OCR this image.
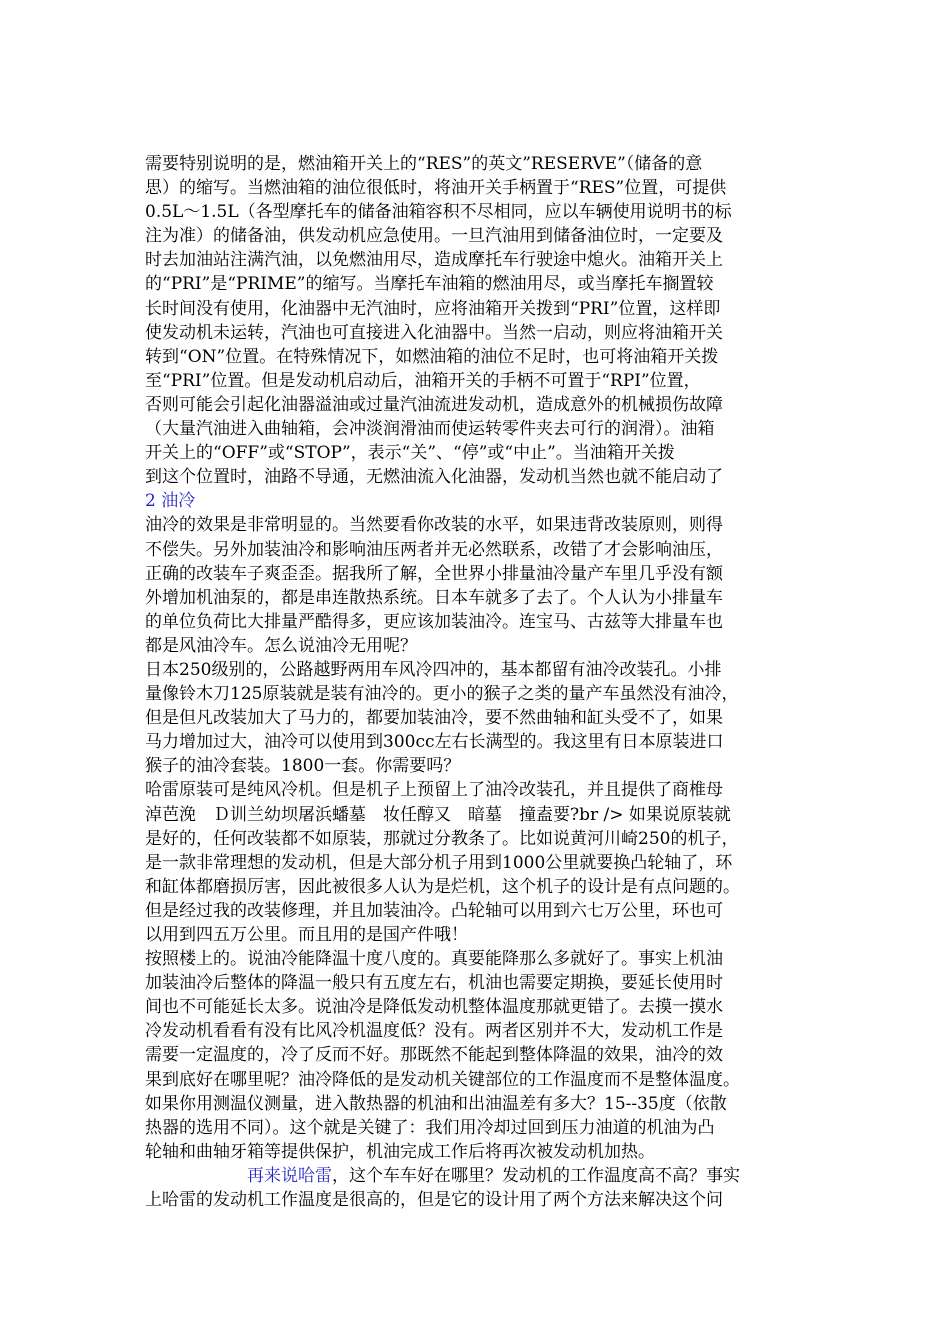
需要特别说明的是，燃油箱开关上的“RES”的英文”RESERVE”（储备的意
思）的缩写。当燃油箱的油位很低时，将油开关手柄置于“RES”位置，可提供
0.5L～1.5L（各型摩托车的储备油箱容积不尽相同，应以车辆使用说明书的标
注为准）的储备油，供发动机应急使用。一旦汽油用到储备油位时，一定要及
时去加油站注满汽油，以免燃油用尽，造成摩托车行驶途中熄火。油箱开关上
的“PRI”是“PRIME”的缩写。当摩托车油箱的燃油用尽，或当摩托车搁置较
长时间没有使用，化油器中无汽油时，应将油箱开关拨到“PRI”位置，这样即
使发动机未运转，汽油也可直接进入化油器中。当然一启动，则应将油箱开关
转到“ON”位置。在特殊情况下，如燃油箱的油位不足时，也可将油箱开关拨
至“PRI”位置。但是发动机启动后，油箱开关的手柄不可置于“RPI”位置，
否则可能会引起化油器溢油或过量汽油流进发动机，造成意外的机械损伤故障
（大量汽油进入曲轴箱，会冲淡润滑油而使运转零件夹去可行的润滑）。油箱
开关上的“OFF”或“STOP”，表示“关”、“停”或“中止”。当油箱开关拨
到这个位置时，油路不导通，无燃油流入化油器，发动机当然也就不能启动了
2 油冷
油冷的效果是非常明显的。当然要看你改装的水平，如果违背改装原则，则得
不偿失。另外加装油冷和影响油压两者并无必然联系，改错了才会影响油压，
正确的改装车子爽歪歪。据我所了解，全世界小排量油冷量产车里几乎没有额
外增加机油泵的，都是串连散热系统。日本车就多了去了。个人认为小排量车
的单位负荷比大排量严酷得多，更应该加装油冷。连宝马、古兹等大排量车也
都是风油冷车。怎么说油冷无用呢？
日本250级别的，公路越野两用车风冷四冲的，基本都留有油冷改装孔。小排
量像铃木刀125原装就是装有油冷的。更小的猴子之类的量产车虽然没有油冷，
但是但凡改装加大了马力的，都要加装油冷，要不然曲轴和缸头受不了，如果
马力增加过大，油冷可以使用到300cc左右长满型的。我这里有日本原装进口
猴子的油冷套装。1800一套。你需要吗？
哈雷原装可是纯风冷机。但是机子上预留上了油冷改装孔，并且提供了商椎母
淖芭浼　Ｄ训兰幼坝屠浜蟠墓　妆任醇又　暗墓　撞盍要?br /> 如果说原装就
是好的，任何改装都不如原装，那就过分教条了。比如说黄河川崎250的机子，
是一款非常理想的发动机，但是大部分机子用到1000公里就要换凸轮轴了，环
和缸体都磨损厉害，因此被很多人认为是烂机，这个机子的设计是有点问题的。
但是经过我的改装修理，并且加装油冷。凸轮轴可以用到六七万公里，环也可
以用到四五万公里。而且用的是国产件哦！
按照楼上的。说油冷能降温十度八度的。真要能降那么多就好了。事实上机油
加装油冷后整体的降温一般只有五度左右，机油也需要定期换，要延长使用时
间也不可能延长太多。说油冷是降低发动机整体温度那就更错了。去摸一摸水
冷发动机看看有没有比风冷机温度低？没有。两者区别并不大，发动机工作是
需要一定温度的，冷了反而不好。那既然不能起到整体降温的效果，油冷的效
果到底好在哪里呢？油冷降低的是发动机关键部位的工作温度而不是整体温度。
如果你用测温仪测量，进入散热器的机油和出油温差有多大？15--35度（依散
热器的选用不同）。这个就是关键了：我们用冷却过回到压力油道的机油为凸
轮轴和曲轴牙箱等提供保护，机油完成工作后将再次被发动机加热。
再来说哈雷，这个车车好在哪里？发动机的工作温度高不高？事实
上哈雷的发动机工作温度是很高的，但是它的设计用了两个方法来解决这个问
